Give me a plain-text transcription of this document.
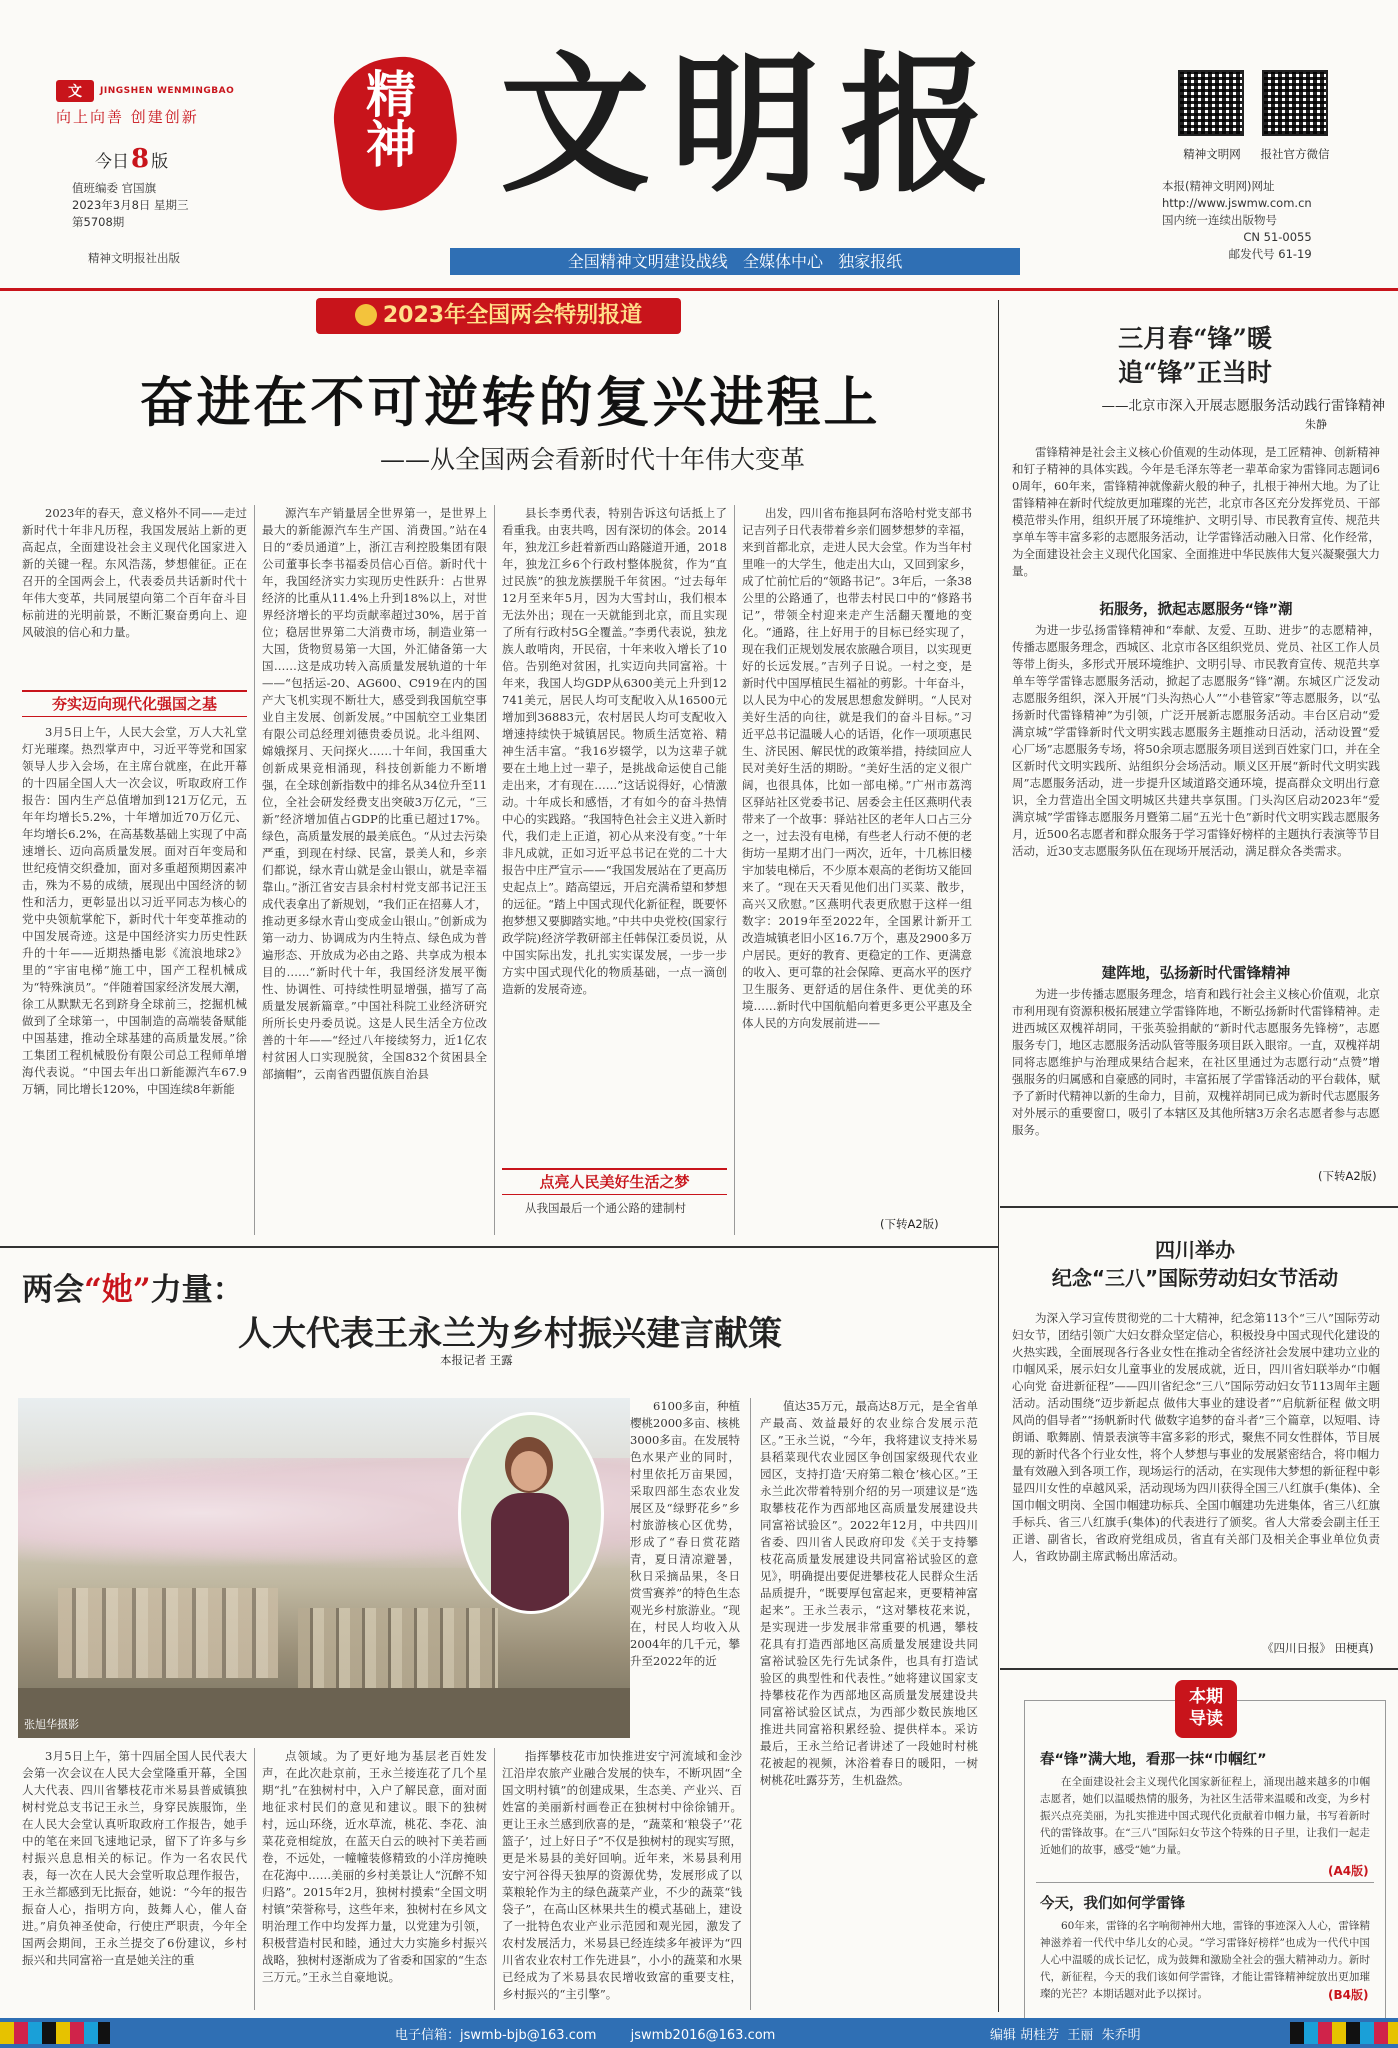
文	JINGSHEN WENMINGBAO
向上向善 创建创新
今日 8 版
值班编委 官国旗
2023年3月8日 星期三
第5708期
精神文明报社出版
精神 文明报
全国精神文明建设战线   全媒体中心   独家报纸
精神文明网	报社官方微信
本报(精神文明网)网址
http://www.jswmw.com.cn
国内统一连续出版物号
CN 51-0055
邮发代号 61-19
2023年全国两会特别报道
奋进在不可逆转的复兴进程上
——从全国两会看新时代十年伟大变革

2023年的春天，意义格外不同——走过新时代十年非凡历程，我国发展站上新的更高起点，全面建设社会主义现代化国家进入新的关键一程。东风浩荡，梦想催征。正在召开的全国两会上，代表委员共话新时代十年伟大变革，共同展望向第二个百年奋斗目标前进的光明前景，不断汇聚奋勇向上、迎风破浪的信心和力量。

夯实迈向现代化强国之基

3月5日上午，人民大会堂，万人大礼堂灯光璀璨。热烈掌声中，习近平等党和国家领导人步入会场，在主席台就座，在此开幕的十四届全国人大一次会议，听取政府工作报告：国内生产总值增加到121万亿元，五年年均增长5.2%，十年增加近70万亿元、年均增长6.2%，在高基数基础上实现了中高速增长、迈向高质量发展。面对百年变局和世纪疫情交织叠加，面对多重超预期因素冲击，殊为不易的成绩，展现出中国经济的韧性和活力，更彰显出以习近平同志为核心的党中央领航掌舵下，新时代十年变革推动的中国发展奇迹。这是中国经济实力历史性跃升的十年——近期热播电影《流浪地球2》里的“宇宙电梯”施工中，国产工程机械成为“特殊演员”。“伴随着国家经济发展大潮，徐工从默默无名到跻身全球前三，挖掘机械做到了全球第一，中国制造的高端装备赋能中国基建，推动全球基建的高质量发展。”徐工集团工程机械股份有限公司总工程师单增海代表说。“中国去年出口新能源汽车67.9万辆，同比增长120%，中国连续8年新能

源汽车产销量居全世界第一，是世界上最大的新能源汽车生产国、消费国。”站在4日的“委员通道”上，浙江吉利控股集团有限公司董事长李书福委员信心百倍。新时代十年，我国经济实力实现历史性跃升：占世界经济的比重从11.4%上升到18%以上，对世界经济增长的平均贡献率超过30%，居于首位；稳居世界第二大消费市场，制造业第一大国，货物贸易第一大国，外汇储备第一大国……这是成功转入高质量发展轨道的十年——“包括运-20、AG600、C919在内的国产大飞机实现不断壮大，感受到我国航空事业自主发展、创新发展。”中国航空工业集团有限公司总经理刘德贵委员说。北斗组网、嫦娥探月、天问探火……十年间，我国重大创新成果竞相涌现，科技创新能力不断增强，在全球创新指数中的排名从34位升至11位，全社会研发经费支出突破3万亿元，“三新”经济增加值占GDP的比重已超过17%。绿色，高质量发展的最美底色。“从过去污染严重，到现在村绿、民富，景美人和，乡亲们都说，绿水青山就是金山银山，就是幸福靠山。”浙江省安吉县余村村党支部书记汪玉成代表拿出了新规划，“我们正在招募人才，推动更多绿水青山变成金山银山。”创新成为第一动力、协调成为内生特点、绿色成为普遍形态、开放成为必由之路、共享成为根本目的……“新时代十年，我国经济发展平衡性、协调性、可持续性明显增强，描写了高质量发展新篇章。”中国社科院工业经济研究所所长史丹委员说。这是人民生活全方位改善的十年——“经过八年接续努力，近1亿农村贫困人口实现脱贫，全国832个贫困县全部摘帽”，云南省西盟佤族自治县

县长李勇代表，特别告诉这句话抵上了看重我。由衷共鸣，因有深切的体会。2014年，独龙江乡赶着新西山路隧道开通，2018年，独龙江乡6个行政村整体脱贫，作为“直过民族”的独龙族摆脱千年贫困。“过去每年12月至来年5月，因为大雪封山，我们根本无法外出；现在一天就能到北京，而且实现了所有行政村5G全覆盖。”李勇代表说，独龙族人敢啃肉，开民宿，十年来收入增长了10倍。告别绝对贫困，扎实迈向共同富裕。十年来，我国人均GDP从6300美元上升到12741美元，居民人均可支配收入从16500元增加到36883元，农村居民人均可支配收入增速持续快于城镇居民。物质生活宽裕、精神生活丰富。“我16岁辍学，以为这辈子就要在土地上过一辈子，是挑战命运使自己能走出来，才有现在……”这话说得好，心情激动。十年成长和感悟，才有如今的奋斗热情中心的实践路。“我国特色社会主义进入新时代，我们走上正道，初心从来没有变。”十年非凡成就，正如习近平总书记在党的二十大报告中庄严宣示——“我国发展站在了更高历史起点上”。踏高望远，开启充满希望和梦想的远征。“踏上中国式现代化新征程，既要怀抱梦想又要脚踏实地。”中共中央党校(国家行政学院)经济学教研部主任韩保江委员说，从中国实际出发，扎扎实实谋发展，一步一步方实中国式现代化的物质基础，一点一滴创造新的发展奇迹。

点亮人民美好生活之梦

从我国最后一个通公路的建制村

出发，四川省布拖县阿布洛哈村党支部书记吉列子日代表带着乡亲们圆梦想梦的幸福，来到首都北京，走进人民大会堂。作为当年村里唯一的大学生，他走出大山，又回到家乡，成了忙前忙后的“领路书记”。3年后，一条38公里的公路通了，也带去村民口中的“修路书记”，带领全村迎来走产生活翻天覆地的变化。“通路，往上好用于的目标已经实现了，现在我们正规划发展农旅融合项目，以实现更好的长远发展。”吉列子日说。一村之变，是新时代中国厚植民生福祉的剪影。十年奋斗，以人民为中心的发展思想愈发鲜明。“人民对美好生活的向往，就是我们的奋斗目标。”习近平总书记温暖人心的话语，化作一项项惠民生、济民困、解民忧的政策举措，持续回应人民对美好生活的期盼。“美好生活的定义很广阔，也很具体，比如一部电梯。”广州市荔湾区驿站社区党委书记、居委会主任区燕明代表带来了一个故事：驿站社区的老年人口占三分之一，过去没有电梯，有些老人行动不便的老街坊一星期才出门一两次，近年，十几栋旧楼宇加装电梯后，不少原本艰高的老街坊又能回来了。“现在天天看见他们出门买菜、散步，高兴又欣慰。”区燕明代表更欣慰于这样一组数字：2019年至2022年，全国累计新开工改造城镇老旧小区16.7万个，惠及2900多万户居民。更好的教育、更稳定的工作、更满意的收入、更可靠的社会保障、更高水平的医疗卫生服务、更舒适的居住条件、更优美的环境……新时代中国航船向着更多更公平惠及全体人民的方向发展前进——

(下转A2版)
三月春“锋”暖
追“锋”正当时
——北京市深入开展志愿服务活动践行雷锋精神
朱静

雷锋精神是社会主义核心价值观的生动体现，是工匠精神、创新精神和钉子精神的具体实践。今年是毛泽东等老一辈革命家为雷锋同志题词60周年，60年来，雷锋精神就像薪火般的种子，扎根于神州大地。为了让雷锋精神在新时代绽放更加璀璨的光芒，北京市各区充分发挥党员、干部模范带头作用，组织开展了环境维护、文明引导、市民教育宣传、规范共享单车等丰富多彩的志愿服务活动，让学雷锋活动融入日常、化作经常，为全面建设社会主义现代化国家、全面推进中华民族伟大复兴凝聚强大力量。

拓服务，掀起志愿服务“锋”潮

为进一步弘扬雷锋精神和“奉献、友爱、互助、进步”的志愿精神，传播志愿服务理念，西城区、北京市各区组织党员、党员、社区工作人员等带上街头，多形式开展环境维护、文明引导、市民教育宣传、规范共享单车等学雷锋志愿服务活动，掀起了志愿服务“锋”潮。东城区广泛发动志愿服务组织，深入开展“门头沟热心人”“小巷管家”等志愿服务，以“弘扬新时代雷锋精神”为引领，广泛开展新志愿服务活动。丰台区启动“爱满京城”学雷锋新时代文明实践志愿服务主题推动日活动，活动设置“爱心厂场”志愿服务专场，将50余项志愿服务项目送到百姓家门口，并在全区新时代文明实践所、站组织分会场活动。顺义区开展“新时代文明实践周”志愿服务活动，进一步提升区域道路交通环境，提高群众文明出行意识，全力营造出全国文明城区共建共享氛围。门头沟区启动2023年“爱满京城”学雷锋志愿服务月暨第二届“五光十色”新时代文明实践志愿服务月，近500名志愿者和群众服务于学习雷锋好榜样的主题执行表演等节目活动，近30支志愿服务队伍在现场开展活动，满足群众各类需求。

建阵地，弘扬新时代雷锋精神

为进一步传播志愿服务理念，培育和践行社会主义核心价值观，北京市利用现有资源积极拓展建立学雷锋阵地，不断弘扬新时代雷锋精神。走进西城区双槐祥胡同，干张英验捐献的“新时代志愿服务先锋榜”，志愿服务专门，地区志愿服务活动队管等服务项目跃入眼帘。一直，双槐祥胡同将志愿维护与治理成果结合起来，在社区里通过为志愿行动“点赞”增强服务的归属感和自豪感的同时，丰富拓展了学雷锋活动的平台载体，赋予了新时代精神以新的生命力，目前，双槐祥胡同已成为新时代志愿服务对外展示的重要窗口，吸引了本辖区及其他所辖3万余名志愿者参与志愿服务。

(下转A2版)
四川举办
纪念“三八”国际劳动妇女节活动

为深入学习宣传贯彻党的二十大精神，纪念第113个“三八”国际劳动妇女节，团结引领广大妇女群众坚定信心，积极投身中国式现代化建设的火热实践，全面展现各行各业女性在推动全省经济社会发展中建功立业的巾帼风采，展示妇女儿童事业的发展成就，近日，四川省妇联举办“巾帼心向党 奋进新征程”——四川省纪念“三八”国际劳动妇女节113周年主题活动。活动围绕“迈步新起点 做伟大事业的建设者”“启航新征程 做文明风尚的倡导者”“扬帆新时代 做数字追梦的奋斗者”三个篇章，以短唱、诗朗诵、歌舞剧、情景表演等丰富多彩的形式，聚焦不同女性群体，节目展现的新时代各个行业女性，将个人梦想与事业的发展紧密结合，将巾帼力量有效融入到各项工作，现场运行的活动，在实现伟大梦想的新征程中彰显四川女性的卓越风采，活动现场为四川获得全国三八红旗手(集体)、全国巾帼文明岗、全国巾帼建功标兵、全国巾帼建功先进集体，省三八红旗手标兵、省三八红旗手(集体)的代表进行了颁奖。省人大常委会副主任王正谱、副省长，省政府党组成员，省直有关部门及相关企事业单位负责人，省政协副主席武畅出席活动。

《四川日报》 田梗真)
本期
导读
春“锋”满大地，看那一抹“巾帼红”

在全面建设社会主义现代化国家新征程上，涌现出越来越多的巾帼志愿者，她们以温暖热情的服务，为社区生活带来温暖和改变，为乡村振兴点亮美丽，为扎实推进中国式现代化贡献着巾帼力量，书写着新时代的雷锋故事。在“三八”国际妇女节这个特殊的日子里，让我们一起走近她们的故事，感受“她”力量。

(A4版)
今天，我们如何学雷锋

60年来，雷锋的名字响彻神州大地，雷锋的事迹深入人心，雷锋精神滋养着一代代中华儿女的心灵。“学习雷锋好榜样”也成为一代代中国人心中温暖的成长记忆，成为鼓舞和激励全社会的强大精神动力。新时代，新征程，今天的我们该如何学雷锋，才能让雷锋精神绽放出更加璀璨的光芒？本期话题对此予以探讨。	(B4版)
两会“她”力量：
人大代表王永兰为乡村振兴建言献策
本报记者 王露
张旭华摄影

6100多亩，种植樱桃2000多亩、核桃3000多亩。在发展特色水果产业的同时，村里依托万亩果园，采取四部生态农业发展区及“绿野花乡”乡村旅游核心区优势，形成了“春日赏花踏青，夏日清凉避暑，秋日采摘品果，冬日赏雪赛养”的特色生态观光乡村旅游业。“现在，村民人均收入从2004年的几千元，攀升至2022年的近

值达35万元，最高达8万元，是全省单产最高、效益最好的农业综合发展示范区。”王永兰说，“今年，我将建议支持米易县稻菜现代农业园区争创国家级现代农业园区，支持打造‘天府第二粮仓’核心区。”王永兰此次带着特别介绍的另一项建议是“选取攀枝花作为西部地区高质量发展建设共同富裕试验区”。2022年12月，中共四川省委、四川省人民政府印发《关于支持攀枝花高质量发展建设共同富裕试验区的意见》，明确提出要促进攀枝花人民群众生活品质提升，“既要厚包富起来，更要精神富起来”。王永兰表示，“这对攀枝花来说，是实现进一步发展非常重要的机遇，攀枝花具有打造西部地区高质量发展建设共同富裕试验区先行先试条件，也具有打造试验区的典型性和代表性。”她将建议国家支持攀枝花作为西部地区高质量发展建设共同富裕试验区试点，为西部少数民族地区推进共同富裕积累经验、提供样本。采访最后，王永兰给记者讲述了一段她时村桃花被起的视频，沐浴着春日的暖阳，一树树桃花吐露芬芳，生机盎然。

3月5日上午，第十四届全国人民代表大会第一次会议在人民大会堂隆重开幕，全国人大代表、四川省攀枝花市米易县普威镇独树村党总支书记王永兰，身穿民族服饰，坐在人民大会堂认真听取政府工作报告，她手中的笔在来回飞速地记录，留下了许多与乡村振兴息息相关的标记。作为一名农民代表，每一次在人民大会堂听取总理作报告，王永兰都感到无比振奋，她说：“今年的报告振奋人心，指明方向，鼓舞人心，催人奋进。”肩负神圣使命，行使庄严职责，今年全国两会期间，王永兰提交了6份建议，乡村振兴和共同富裕一直是她关注的重

点领域。为了更好地为基层老百姓发声，在此次赴京前，王永兰接连花了几个星期“扎”在独树村中，入户了解民意，面对面地征求村民们的意见和建议。眼下的独树村，远山环绕，近水草流，桃花、李花、油菜花竞相绽放，在蓝天白云的映衬下美若画卷，不远处，一幢幢装修精致的小洋房掩映在花海中……美丽的乡村美景让人“沉醉不知归路”。2015年2月，独树村摸索“全国文明村镇”荣誉称号，这些年来，独树村在乡风文明治理工作中均发挥力量，以党建为引领，积极营造村民和睦，通过大力实施乡村振兴战略，独树村逐渐成为了省委和国家的“生态三万元。”王永兰自豪地说。

指挥攀枝花市加快推进安宁河流域和金沙江沿岸农旅产业融合发展的快车，不断巩固“全国文明村镇”的创建成果，生态美、产业兴、百姓富的美丽新村画卷正在独树村中徐徐铺开。更让王永兰感到欣喜的是，“蔬菜和‘粮袋子’‘花篮子’，过上好日子”不仅是独树村的现实写照，更是米易县的美好回响。近年来，米易县利用安宁河谷得天独厚的资源优势，发展形成了以菜粮轮作为主的绿色蔬菜产业，不少的蔬菜“钱袋子”，在高山区林果共生的模式基础上，建设了一批特色农业产业示范园和观光园，激发了农村发展活力，米易县已经连续多年被评为“四川省农业农村工作先进县”，小小的蔬菜和水果已经成为了米易县农民增收致富的重要支柱，乡村振兴的“主引擎”。

电子信箱：jswmb-bjb@163.com	jswmb2016@163.com	编辑 胡桂芳  王丽  朱乔明
